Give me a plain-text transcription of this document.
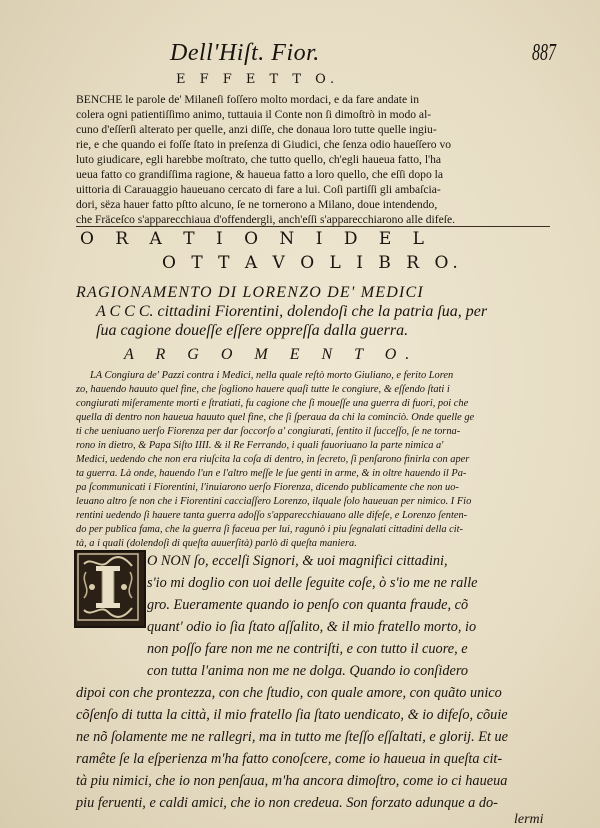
Dell'Hiſt. Fior.	887
E F F E T T O.
BENCHE le parole de' Milaneſi foſſero molto mordaci, e da fare andate in
colera ogni patientiſſimo animo, tuttauia il Conte non ſi dimoſtrò in modo al-
cuno d'eſſerſi alterato per quelle, anzi diſſe, che donaua loro tutte quelle ingiu-
rie, e che quando ei foſſe ſtato in preſenza di Giudici, che ſenza odio haueſſero vo
luto giudicare, egli harebbe moſtrato, che tutto quello, ch'egli haueua fatto, l'ha
ueua fatto co grandiſſima ragione, & haueua fatto a loro quello, che eſſi dopo la
uittoria di Carauaggio haueuano cercato di fare a lui. Coſi partiſſi gli ambaſcia-
dori, sëza hauer fatto pſtto alcuno, ſe ne tornerono a Milano, doue intendendo,
che Fräceſco s'apparecchiaua d'offendergli, anch'eſſi s'apparecchiarono alle difeſe.
O R A T I O N I D E L
O T T A V O L I B R O.
RAGIONAMENTO DI LORENZO DE' MEDICI
A C C C. cittadini Fiorentini, dolendoſi che la patria ſua, per
ſua cagione doueſſe eſſere oppreſſa dalla guerra.
A R G O M E N T O.
LA Congiura de' Pazzi contra i Medici, nella quale reſtò morto Giuliano, e ferito Loren
zo, hauendo hauuto quel fine, che ſogliono hauere quaſi tutte le congiure, & eſſendo ſtati i
congiurati miſeramente morti e ſtratiati, fu cagione che ſi moueſſe una guerra di fuori, poi che
quella di dentro non haueua hauuto quel fine, che ſi ſperaua da chi la cominciò. Onde quelle ge
ti che ueniuano uerſo Fiorenza per dar ſoccorſo a' congiurati, ſentito il ſucceſſo, ſe ne torna-
rono in dietro, & Papa Siſto IIII. & il Re Ferrando, i quali fauoriuano la parte nimica a'
Medici, uedendo che non era riuſcita la coſa di dentro, in ſecreto, ſi penſarono finirla con aper
ta guerra. Là onde, hauendo l'un e l'altro meſſe le ſue genti in arme, & in oltre hauendo il Pa-
pa ſcommunicati i Fiorentini, l'inuiarono uerſo Fiorenza, dicendo publicamente che non uo-
leuano altro ſe non che i Fiorentini cacciaſſero Lorenzo, ilquale ſolo haueuan per nimico. I Fio
rentini uedendo ſi hauere tanta guerra adoſſo s'apparecchiauano alle difeſe, e Lorenzo ſenten-
do per publica fama, che la guerra ſi faceua per lui, ragunò i piu ſegnalati cittadini della cit-
tà, a i quali (dolendoſi di queſta auuerſità) parlò di queſta maniera.
O NON ſo, eccelſi Signori, & uoi magnifici cittadini,
s'io mi doglio con uoi delle ſeguite coſe, ò s'io me ne ralle
gro. Eueramente quando io penſo con quanta fraude, cõ
quant' odio io ſia ſtato aſſalito, & il mio fratello morto, io
non poſſo fare non me ne contriſti, e con tutto il cuore, e
con tutta l'anima non me ne dolga. Quando io conſidero
dipoi con che prontezza, con che ſtudio, con quale amore, con quãto unico
cõſenſo di tutta la città, il mio fratello ſia ſtato uendicato, & io difeſo, cõuie
ne nõ ſolamente me ne rallegri, ma in tutto me ſteſſo eſſaltati, e glorij. Et ue
ramête ſe la eſperienza m'ha fatto conoſcere, come io haueua in queſta cit-
tà piu nimici, che io non penſaua, m'ha ancora dimoſtro, come io ci haueua
piu feruenti, e caldi amici, che io non credeua. Son forzato adunque a do-
lermi
